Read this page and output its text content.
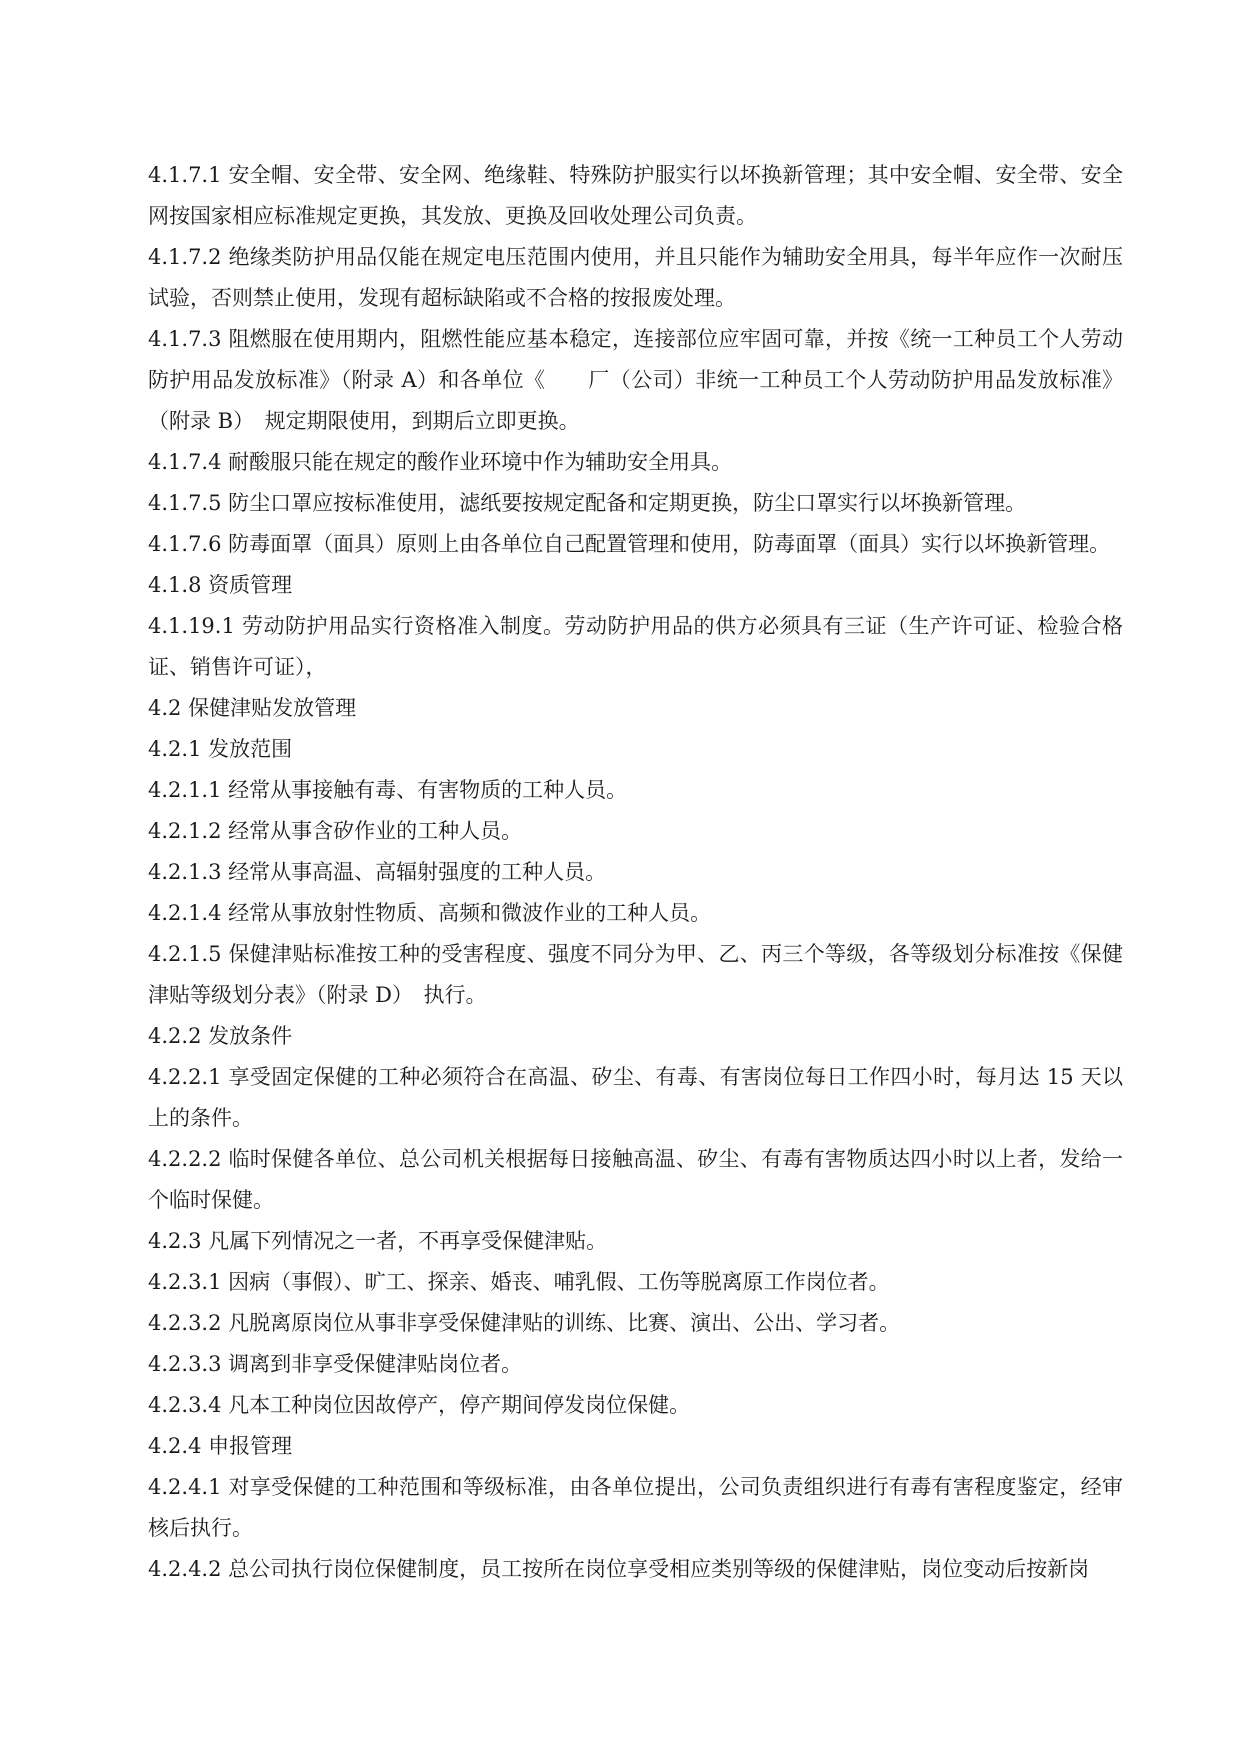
4.1.7.1 安全帽、安全带、安全网、绝缘鞋、特殊防护服实行以坏换新管理；其中安全帽、安全带、安全网按国家相应标准规定更换，其发放、更换及回收处理公司负责。

4.1.7.2 绝缘类防护用品仅能在规定电压范围内使用，并且只能作为辅助安全用具，每半年应作一次耐压试验，否则禁止使用，发现有超标缺陷或不合格的按报废处理。

4.1.7.3 阻燃服在使用期内，阻燃性能应基本稳定，连接部位应牢固可靠，并按《统一工种员工个人劳动防护用品发放标准》（附录 A）和各单位《　　厂（公司）非统一工种员工个人劳动防护用品发放标准》（附录 B）　规定期限使用，到期后立即更换。

4.1.7.4 耐酸服只能在规定的酸作业环境中作为辅助安全用具。

4.1.7.5 防尘口罩应按标准使用，滤纸要按规定配备和定期更换，防尘口罩实行以坏换新管理。

4.1.7.6 防毒面罩（面具）原则上由各单位自己配置管理和使用，防毒面罩（面具）实行以坏换新管理。

4.1.8 资质管理

4.1.19.1 劳动防护用品实行资格准入制度。劳动防护用品的供方必须具有三证（生产许可证、检验合格证、销售许可证），

4.2 保健津贴发放管理

4.2.1 发放范围

4.2.1.1 经常从事接触有毒、有害物质的工种人员。

4.2.1.2 经常从事含矽作业的工种人员。

4.2.1.3 经常从事高温、高辐射强度的工种人员。

4.2.1.4 经常从事放射性物质、高频和微波作业的工种人员。

4.2.1.5 保健津贴标准按工种的受害程度、强度不同分为甲、乙、丙三个等级，各等级划分标准按《保健津贴等级划分表》（附录 D）　执行。

4.2.2 发放条件

4.2.2.1 享受固定保健的工种必须符合在高温、矽尘、有毒、有害岗位每日工作四小时，每月达 15 天以上的条件。

4.2.2.2 临时保健各单位、总公司机关根据每日接触高温、矽尘、有毒有害物质达四小时以上者，发给一个临时保健。

4.2.3 凡属下列情况之一者，不再享受保健津贴。

4.2.3.1 因病（事假）、旷工、探亲、婚丧、哺乳假、工伤等脱离原工作岗位者。

4.2.3.2 凡脱离原岗位从事非享受保健津贴的训练、比赛、演出、公出、学习者。

4.2.3.3 调离到非享受保健津贴岗位者。

4.2.3.4 凡本工种岗位因故停产，停产期间停发岗位保健。

4.2.4 申报管理

4.2.4.1 对享受保健的工种范围和等级标准，由各单位提出，公司负责组织进行有毒有害程度鉴定，经审核后执行。

4.2.4.2 总公司执行岗位保健制度，员工按所在岗位享受相应类别等级的保健津贴，岗位变动后按新岗
